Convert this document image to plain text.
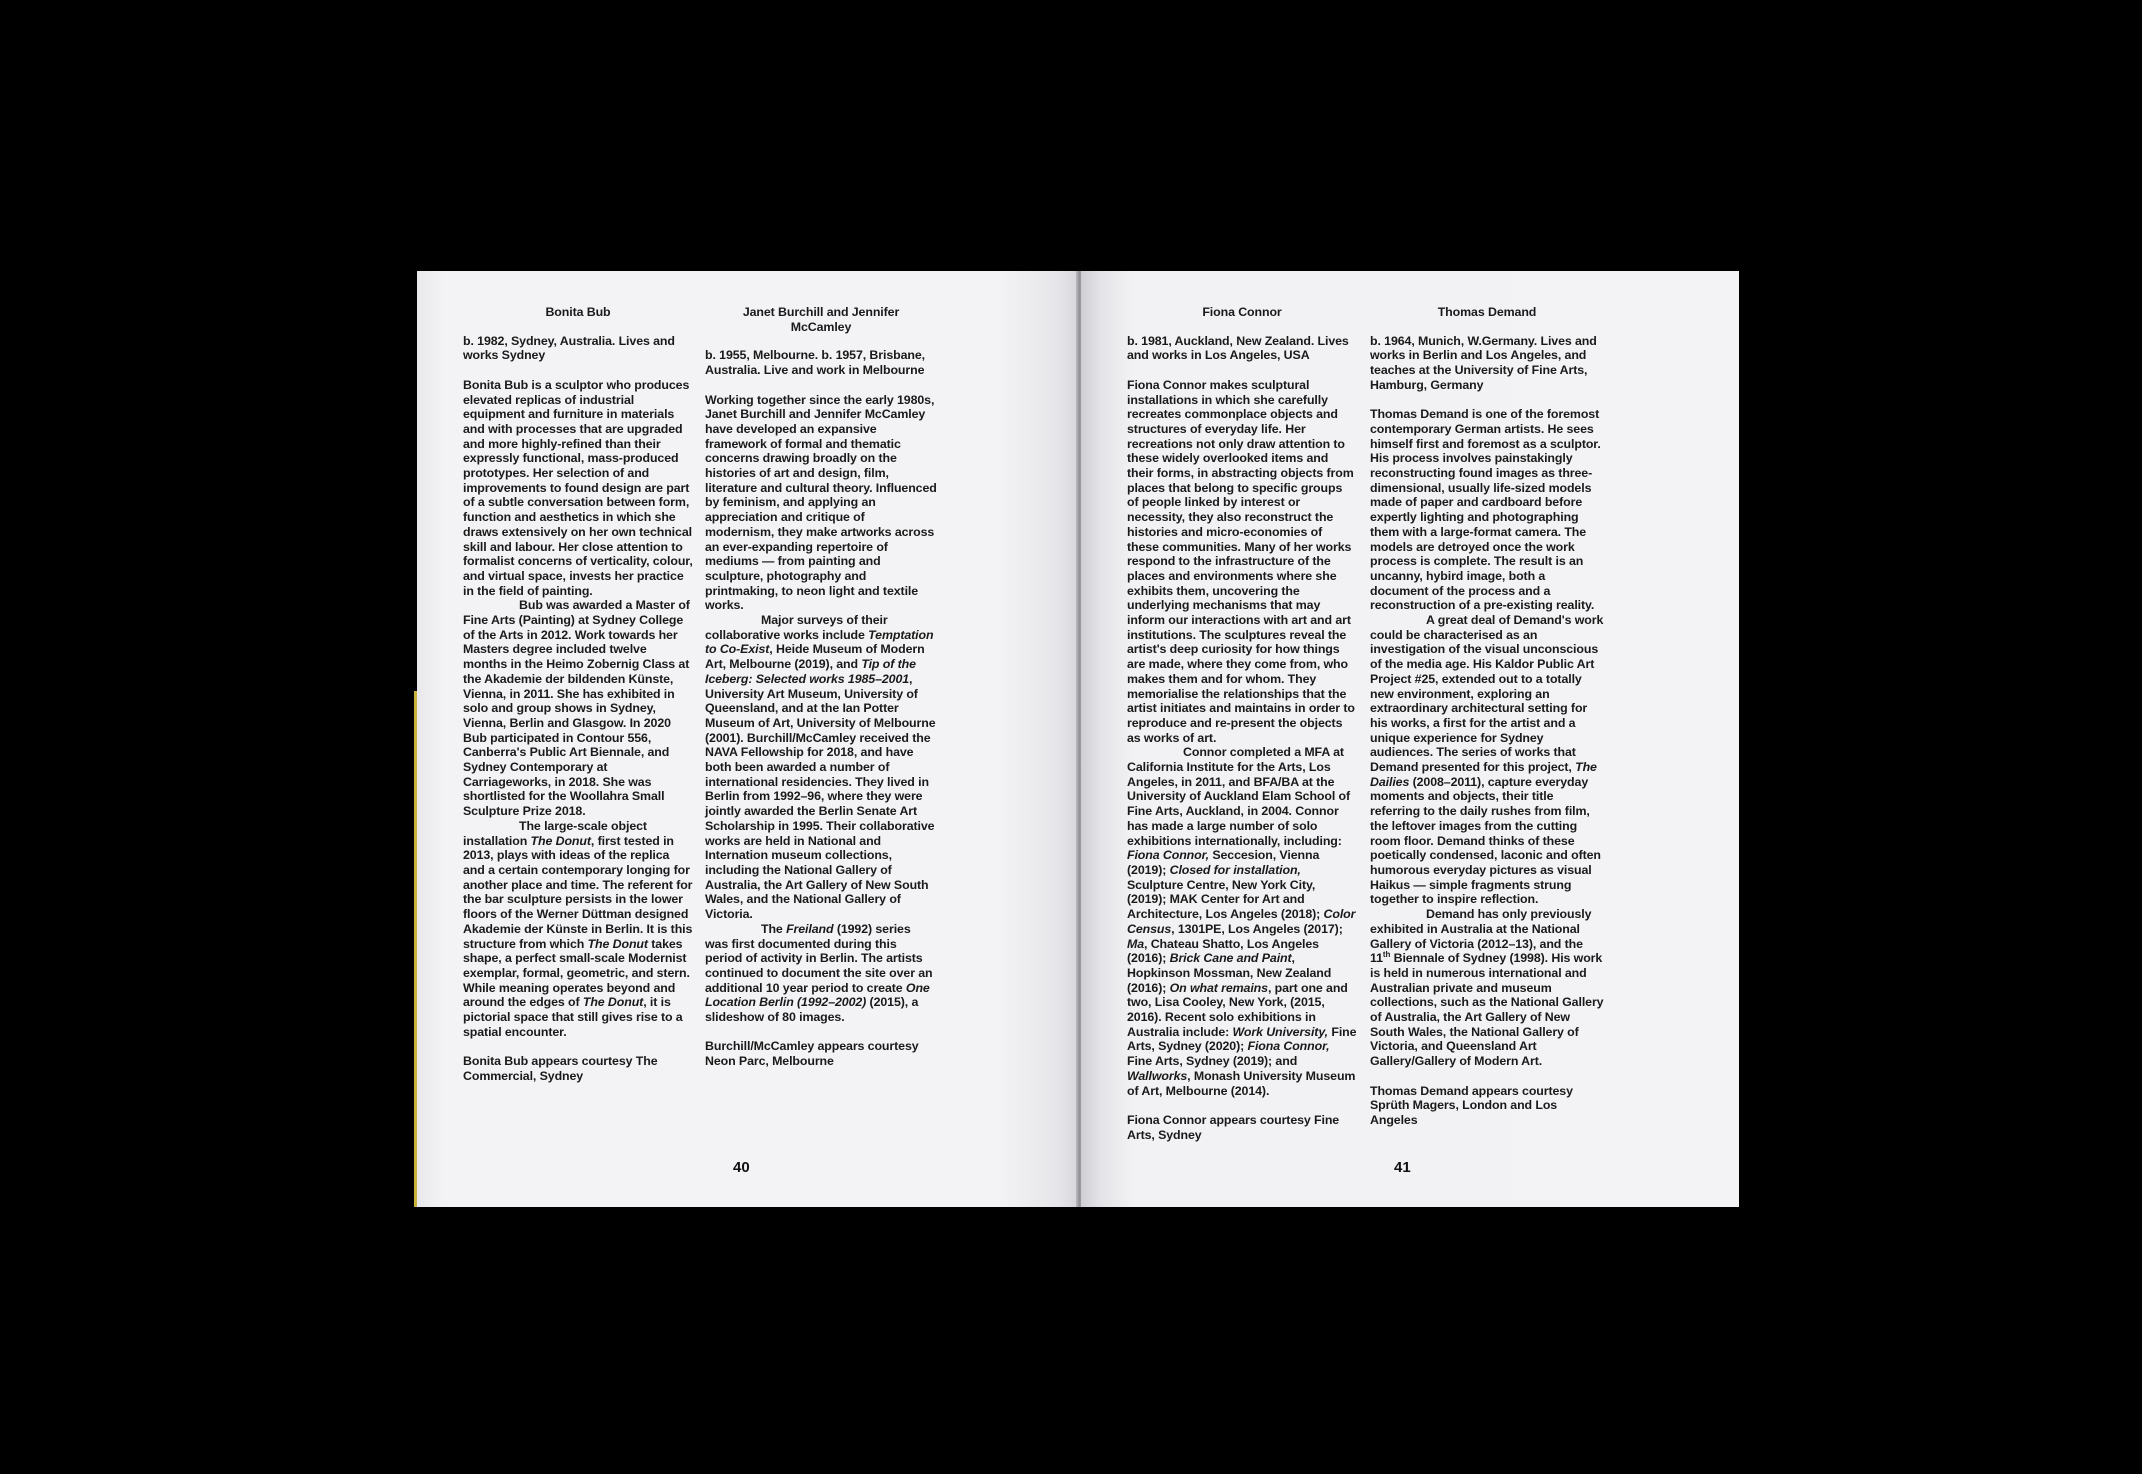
Bonita Bub

b. 1982, Sydney, Australia. Lives and works Sydney

Bonita Bub is a sculptor who produces elevated replicas of industrial equipment and furniture in materials and with processes that are upgraded and more highly-refined than their expressly functional, mass-produced prototypes. Her selection of and improvements to found design are part of a subtle conversation between form, function and aesthetics in which she draws extensively on her own technical skill and labour. Her close attention to formalist concerns of verticality, colour, and virtual space, invests her practice in the field of painting.

Bub was awarded a Master of Fine Arts (Painting) at Sydney College of the Arts in 2012. Work towards her Masters degree included twelve months in the Heimo Zobernig Class at the Akademie der bildenden Künste, Vienna, in 2011. She has exhibited in solo and group shows in Sydney, Vienna, Berlin and Glasgow. In 2020 Bub participated in Contour 556, Canberra's Public Art Biennale, and Sydney Contemporary at Carriageworks, in 2018. She was shortlisted for the Woollahra Small Sculpture Prize 2018.

The large-scale object installation The Donut, first tested in 2013, plays with ideas of the replica and a certain contemporary longing for another place and time. The referent for the bar sculpture persists in the lower floors of the Werner Düttman designed Akademie der Künste in Berlin. It is this structure from which The Donut takes shape, a perfect small-scale Modernist exemplar, formal, geometric, and stern. While meaning operates beyond and around the edges of The Donut, it is pictorial space that still gives rise to a spatial encounter.

Bonita Bub appears courtesy The Commercial, Sydney

Janet Burchill and Jennifer McCamley

b. 1955, Melbourne. b. 1957, Brisbane, Australia. Live and work in Melbourne

Working together since the early 1980s, Janet Burchill and Jennifer McCamley have developed an expansive framework of formal and thematic concerns drawing broadly on the histories of art and design, film, literature and cultural theory. Influenced by feminism, and applying an appreciation and critique of modernism, they make artworks across an ever-expanding repertoire of mediums — from painting and sculpture, photography and printmaking, to neon light and textile works.

Major surveys of their collaborative works include Temptation to Co-Exist, Heide Museum of Modern Art, Melbourne (2019), and Tip of the Iceberg: Selected works 1985–2001, University Art Museum, University of Queensland, and at the Ian Potter Museum of Art, University of Melbourne (2001). Burchill/McCamley received the NAVA Fellowship for 2018, and have both been awarded a number of international residencies. They lived in Berlin from 1992–96, where they were jointly awarded the Berlin Senate Art Scholarship in 1995. Their collaborative works are held in National and Internation museum collections, including the National Gallery of Australia, the Art Gallery of New South Wales, and the National Gallery of Victoria.

The Freiland (1992) series was first documented during this period of activity in Berlin. The artists continued to document the site over an additional 10 year period to create One Location Berlin (1992–2002) (2015), a slideshow of 80 images.

Burchill/McCamley appears courtesy Neon Parc, Melbourne

40
Fiona Connor

b. 1981, Auckland, New Zealand. Lives and works in Los Angeles, USA

Fiona Connor makes sculptural installations in which she carefully recreates commonplace objects and structures of everyday life. Her recreations not only draw attention to these widely overlooked items and their forms, in abstracting objects from places that belong to specific groups of people linked by interest or necessity, they also reconstruct the histories and micro-economies of these communities. Many of her works respond to the infrastructure of the places and environments where she exhibits them, uncovering the underlying mechanisms that may inform our interactions with art and art institutions. The sculptures reveal the artist's deep curiosity for how things are made, where they come from, who makes them and for whom. They memorialise the relationships that the artist initiates and maintains in order to reproduce and re-present the objects as works of art.

Connor completed a MFA at California Institute for the Arts, Los Angeles, in 2011, and BFA/BA at the University of Auckland Elam School of Fine Arts, Auckland, in 2004. Connor has made a large number of solo exhibitions internationally, including: Fiona Connor, Seccesion, Vienna (2019); Closed for installation, Sculpture Centre, New York City, (2019); MAK Center for Art and Architecture, Los Angeles (2018); Color Census, 1301PE, Los Angeles (2017); Ma, Chateau Shatto, Los Angeles (2016); Brick Cane and Paint, Hopkinson Mossman, New Zealand (2016); On what remains, part one and two, Lisa Cooley, New York, (2015, 2016). Recent solo exhibitions in Australia include: Work University, Fine Arts, Sydney (2020); Fiona Connor, Fine Arts, Sydney (2019); and Wallworks, Monash University Museum of Art, Melbourne (2014).

Fiona Connor appears courtesy Fine Arts, Sydney

Thomas Demand

b. 1964, Munich, W.Germany. Lives and works in Berlin and Los Angeles, and teaches at the University of Fine Arts, Hamburg, Germany

Thomas Demand is one of the foremost contemporary German artists. He sees himself first and foremost as a sculptor. His process involves painstakingly reconstructing found images as three-dimensional, usually life-sized models made of paper and cardboard before expertly lighting and photographing them with a large-format camera. The models are detroyed once the work process is complete. The result is an uncanny, hybird image, both a document of the process and a reconstruction of a pre-existing reality.

A great deal of Demand's work could be characterised as an investigation of the visual unconscious of the media age. His Kaldor Public Art Project #25, extended out to a totally new environment, exploring an extraordinary architectural setting for his works, a first for the artist and a unique experience for Sydney audiences. The series of works that Demand presented for this project, The Dailies (2008–2011), capture everyday moments and objects, their title referring to the daily rushes from film, the leftover images from the cutting room floor. Demand thinks of these poetically condensed, laconic and often humorous everyday pictures as visual Haikus — simple fragments strung together to inspire reflection.

Demand has only previously exhibited in Australia at the National Gallery of Victoria (2012–13), and the 11th Biennale of Sydney (1998). His work is held in numerous international and Australian private and museum collections, such as the National Gallery of Australia, the Art Gallery of New South Wales, the National Gallery of Victoria, and Queensland Art Gallery/Gallery of Modern Art.

Thomas Demand appears courtesy Sprüth Magers, London and Los Angeles

41
